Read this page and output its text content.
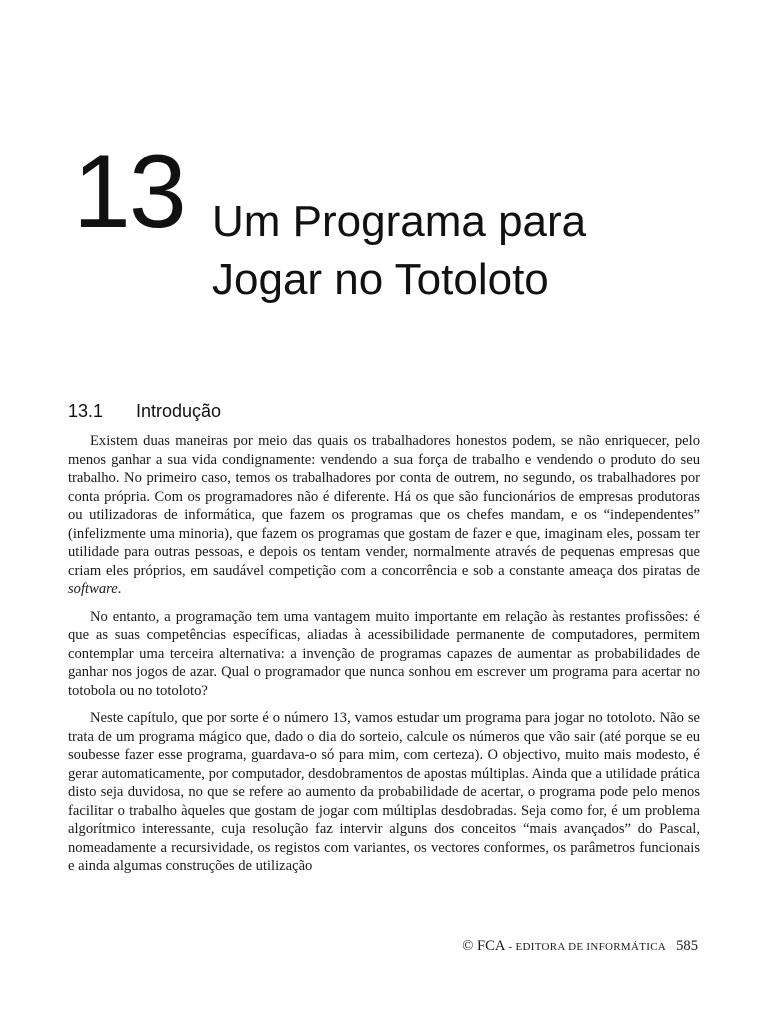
13 Um Programa para
Jogar no Totoloto
13.1 Introdução

Existem duas maneiras por meio das quais os trabalhadores honestos podem, se não enriquecer, pelo menos ganhar a sua vida condignamente: vendendo a sua força de trabalho e vendendo o produto do seu trabalho. No primeiro caso, temos os trabalhadores por conta de outrem, no segundo, os trabalhadores por conta própria. Com os programadores não é diferente. Há os que são funcionários de empresas produtoras ou utilizadoras de informática, que fazem os programas que os chefes mandam, e os “independentes” (infelizmente uma minoria), que fazem os programas que gostam de fazer e que, imaginam eles, possam ter utilidade para outras pessoas, e depois os tentam vender, normalmente através de pequenas empresas que criam eles próprios, em saudável competição com a concorrência e sob a constante ameaça dos piratas de software.

No entanto, a programação tem uma vantagem muito importante em relação às restantes profissões: é que as suas competências específicas, aliadas à acessibilidade permanente de computadores, permitem contemplar uma terceira alternativa: a invenção de programas capazes de aumentar as probabilidades de ganhar nos jogos de azar. Qual o programador que nunca sonhou em escrever um programa para acertar no totobola ou no totoloto?

Neste capítulo, que por sorte é o número 13, vamos estudar um programa para jogar no totoloto. Não se trata de um programa mágico que, dado o dia do sorteio, calcule os números que vão sair (até porque se eu soubesse fazer esse programa, guardava-o só para mim, com certeza). O objectivo, muito mais modesto, é gerar automaticamente, por computador, desdobramentos de apostas múltiplas. Ainda que a utilidade prática disto seja duvidosa, no que se refere ao aumento da probabilidade de acertar, o programa pode pelo menos facilitar o trabalho àqueles que gostam de jogar com múltiplas desdobradas. Seja como for, é um problema algorítmico interessante, cuja resolução faz intervir alguns dos conceitos “mais avançados” do Pascal, nomeadamente a recursividade, os registos com variantes, os vectores conformes, os parâmetros funcionais e ainda algumas construções de utilização

© FCA - EDITORA DE INFORMÁTICA 585
